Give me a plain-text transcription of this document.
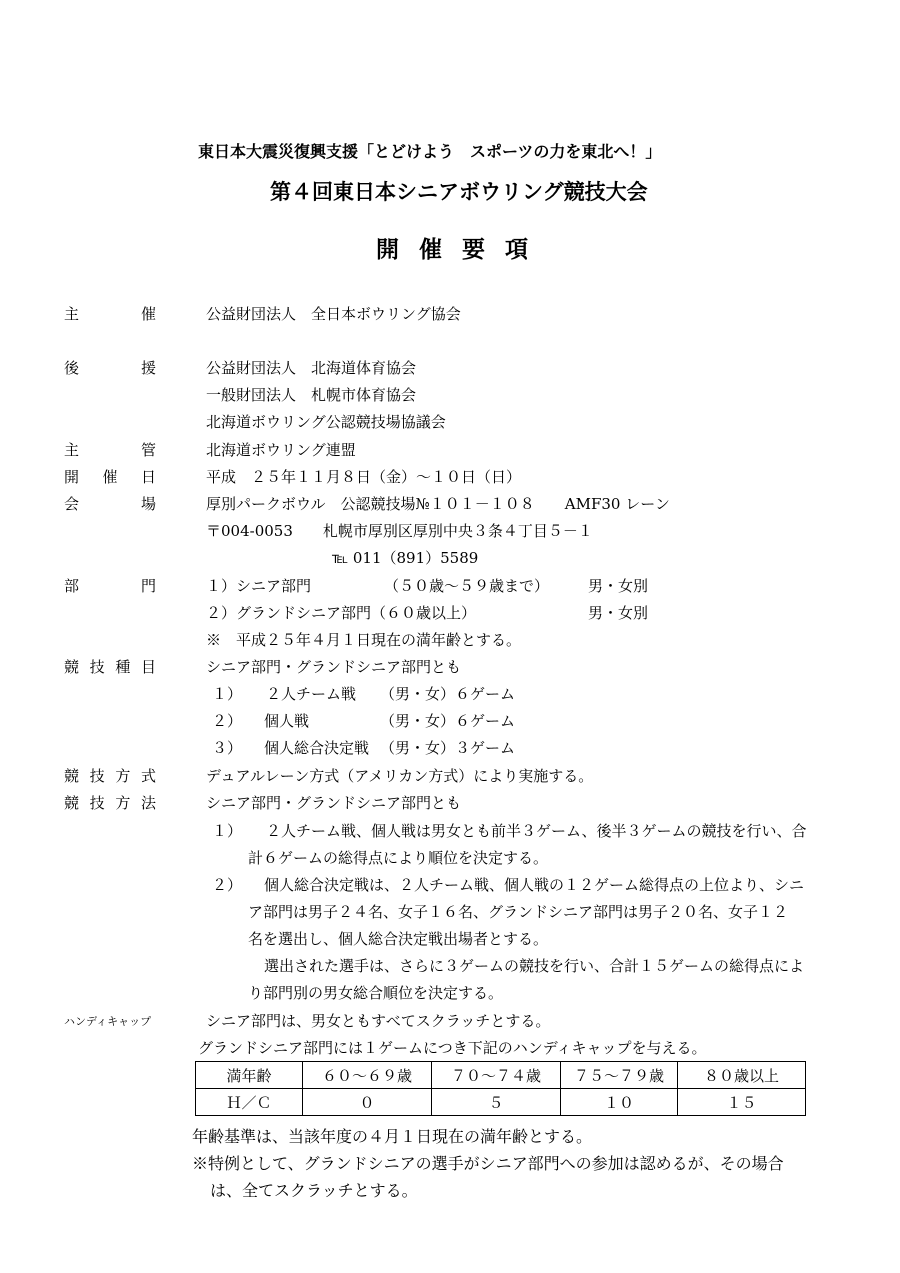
東日本大震災復興支援「とどけよう　スポーツの力を東北へ！」
第４回東日本シニアボウリング競技大会
開催要項
主	催	公益財団法人　全日本ボウリング協会
後	援	公益財団法人　北海道体育協会
一般財団法人　札幌市体育協会
北海道ボウリング公認競技場協議会
主	管	北海道ボウリング連盟
開 催 日	平成　２５年１１月８日（金）～１０日（日）
会	場	厚別パークボウル　公認競技場№１０１－１０８　　AMF30 レーン
〒004-0053　　札幌市厚別区厚別中央３条４丁目５－１
℡ 011（891）5589
部	門	１）シニア部門	（５０歳～５９歳まで）	男・女別
２）グランドシニア部門（６０歳以上）	男・女別
※　平成２５年４月１日現在の満年齢とする。
競 技 種 目	シニア部門・グランドシニア部門とも
１） ２人チーム戦 （男・女）６ゲーム
２） 個人戦	（男・女）６ゲーム
３） 個人総合決定戦 （男・女）３ゲーム
競 技 方 式	デュアルレーン方式（アメリカン方式）により実施する。
競 技 方 法	シニア部門・グランドシニア部門とも
１） ２人チーム戦、個人戦は男女とも前半３ゲーム、後半３ゲームの競技を行い、合
計６ゲームの総得点により順位を決定する。
２） 個人総合決定戦は、２人チーム戦、個人戦の１２ゲーム総得点の上位より、シニ
ア部門は男子２４名、女子１６名、グランドシニア部門は男子２０名、女子１２
名を選出し、個人総合決定戦出場者とする。
選出された選手は、さらに３ゲームの競技を行い、合計１５ゲームの総得点によ
り部門別の男女総合順位を決定する。
ハンディキャップ	シニア部門は、男女ともすべてスクラッチとする。
グランドシニア部門には１ゲームにつき下記のハンディキャップを与える。
満年齢	６０～６９歳	７０～７４歳	７５～７９歳	８０歳以上
Ｈ／Ｃ	０	５	１０	１５
年齢基準は、当該年度の４月１日現在の満年齢とする。
※特例として、グランドシニアの選手がシニア部門への参加は認めるが、その場合
は、全てスクラッチとする。
